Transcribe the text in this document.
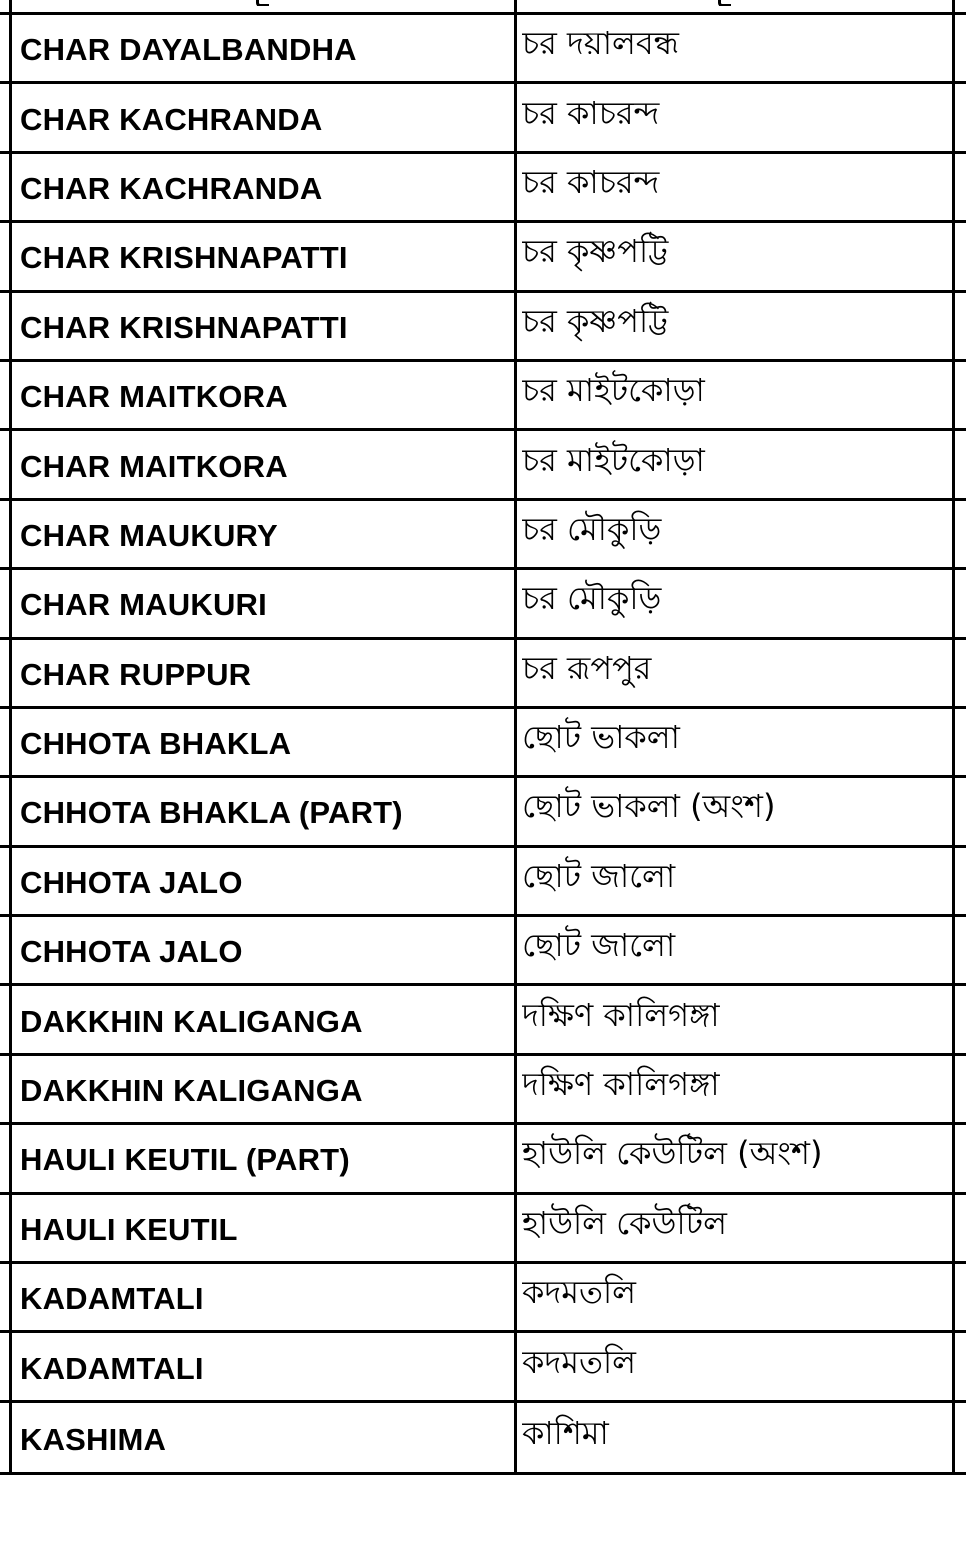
CHAR DAYALBANDHA	চর দয়ালবন্ধ
CHAR KACHRANDA	চর কাচরন্দ
CHAR KACHRANDA	চর কাচরন্দ
CHAR KRISHNAPATTI	চর কৃষ্ণপট্টি
CHAR KRISHNAPATTI	চর কৃষ্ণপট্টি
CHAR MAITKORA	চর মাইটকোড়া
CHAR MAITKORA	চর মাইটকোড়া
CHAR MAUKURY	চর মৌকুড়ি
CHAR MAUKURI	চর মৌকুড়ি
CHAR RUPPUR	চর রূপপুর
CHHOTA BHAKLA	ছোট ভাকলা
CHHOTA BHAKLA (PART)	ছোট ভাকলা (অংশ)
CHHOTA JALO	ছোট জালো
CHHOTA JALO	ছোট জালো
DAKKHIN KALIGANGA	দক্ষিণ কালিগঙ্গা
DAKKHIN KALIGANGA	দক্ষিণ কালিগঙ্গা
HAULI KEUTIL (PART)	হাউলি কেউটিল (অংশ)
HAULI KEUTIL	হাউলি কেউটিল
KADAMTALI	কদমতলি
KADAMTALI	কদমতলি
KASHIMA	কাশিমা
